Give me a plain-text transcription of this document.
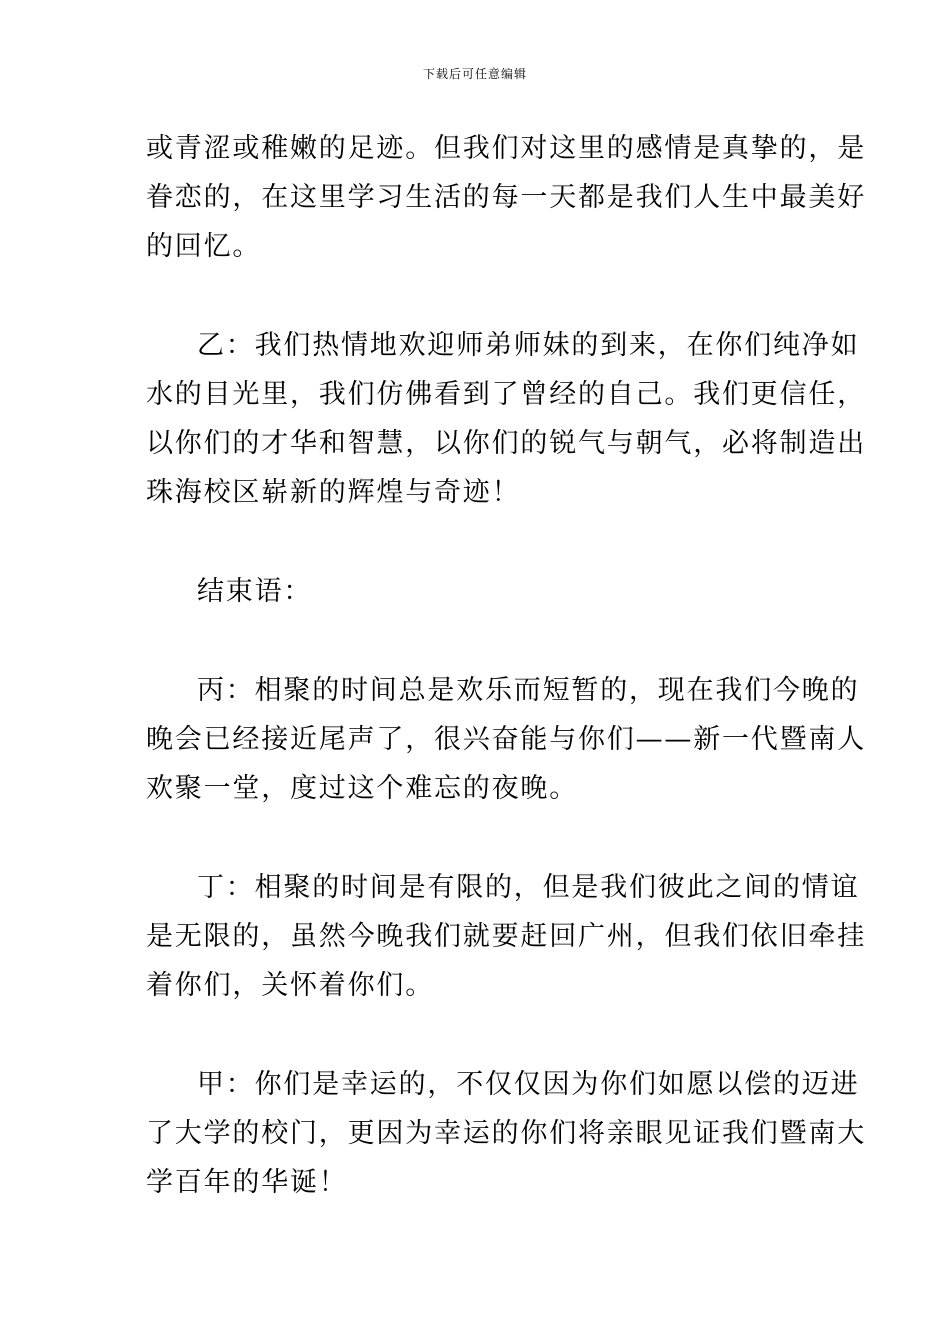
下载后可任意编辑
或青涩或稚嫩的足迹。但我们对这里的感情是真挚的，是
眷恋的，在这里学习生活的每一天都是我们人生中最美好
的回忆。
乙：我们热情地欢迎师弟师妹的到来，在你们纯净如
水的目光里，我们仿佛看到了曾经的自己。我们更信任，
以你们的才华和智慧，以你们的锐气与朝气，必将制造出
珠海校区崭新的辉煌与奇迹！
结束语：
丙：相聚的时间总是欢乐而短暂的，现在我们今晚的
晚会已经接近尾声了，很兴奋能与你们——新一代暨南人
欢聚一堂，度过这个难忘的夜晚。
丁：相聚的时间是有限的，但是我们彼此之间的情谊
是无限的，虽然今晚我们就要赶回广州，但我们依旧牵挂
着你们，关怀着你们。
甲：你们是幸运的，不仅仅因为你们如愿以偿的迈进
了大学的校门，更因为幸运的你们将亲眼见证我们暨南大
学百年的华诞！
